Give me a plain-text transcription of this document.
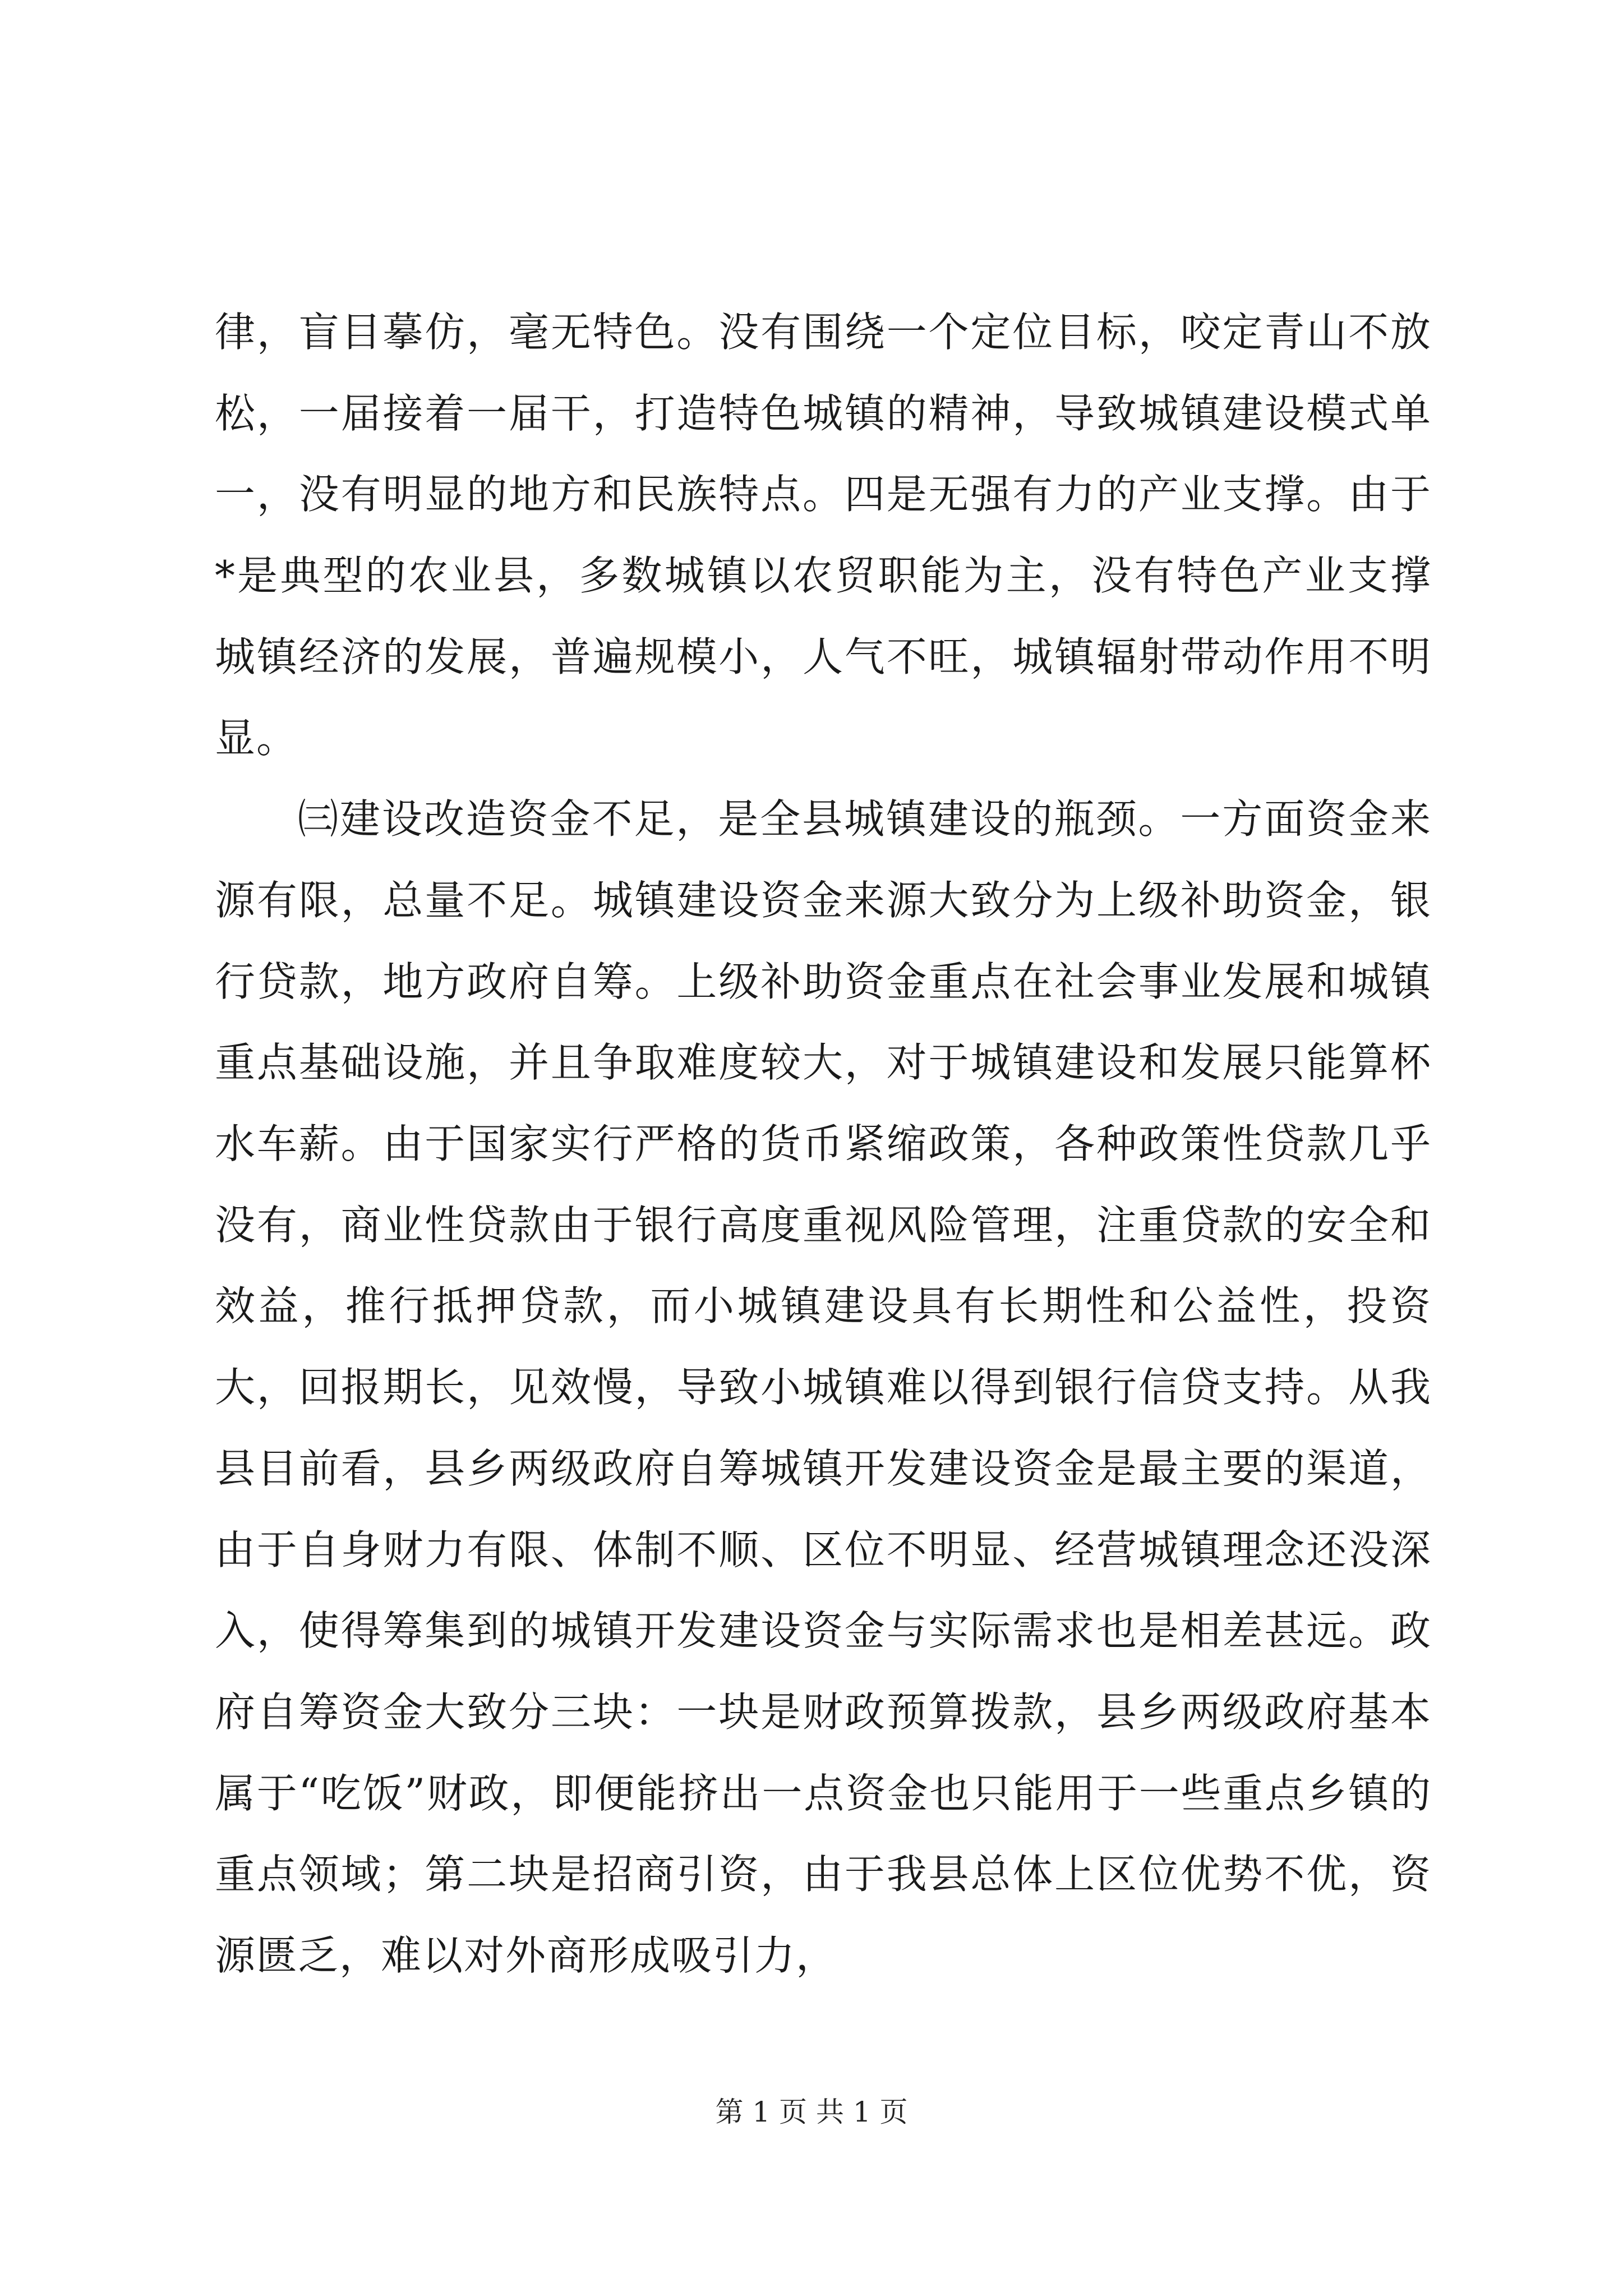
律，盲目摹仿，毫无特色。没有围绕一个定位目标，咬定青山不放松，一届接着一届干，打造特色城镇的精神，导致城镇建设模式单一，没有明显的地方和民族特点。四是无强有力的产业支撑。由于*是典型的农业县，多数城镇以农贸职能为主，没有特色产业支撑城镇经济的发展，普遍规模小，人气不旺，城镇辐射带动作用不明显。

㈢建设改造资金不足，是全县城镇建设的瓶颈。一方面资金来源有限，总量不足。城镇建设资金来源大致分为上级补助资金，银行贷款，地方政府自筹。上级补助资金重点在社会事业发展和城镇重点基础设施，并且争取难度较大，对于城镇建设和发展只能算杯水车薪。由于国家实行严格的货币紧缩政策，各种政策性贷款几乎没有，商业性贷款由于银行高度重视风险管理，注重贷款的安全和效益，推行抵押贷款，而小城镇建设具有长期性和公益性，投资大，回报期长，见效慢，导致小城镇难以得到银行信贷支持。从我县目前看，县乡两级政府自筹城镇开发建设资金是最主要的渠道，由于自身财力有限、体制不顺、区位不明显、经营城镇理念还没深入，使得筹集到的城镇开发建设资金与实际需求也是相差甚远。政府自筹资金大致分三块：一块是财政预算拨款，县乡两级政府基本属于“吃饭”财政，即便能挤出一点资金也只能用于一些重点乡镇的重点领域；第二块是招商引资，由于我县总体上区位优势不优，资源匮乏，难以对外商形成吸引力，

第 1 页 共 1 页
